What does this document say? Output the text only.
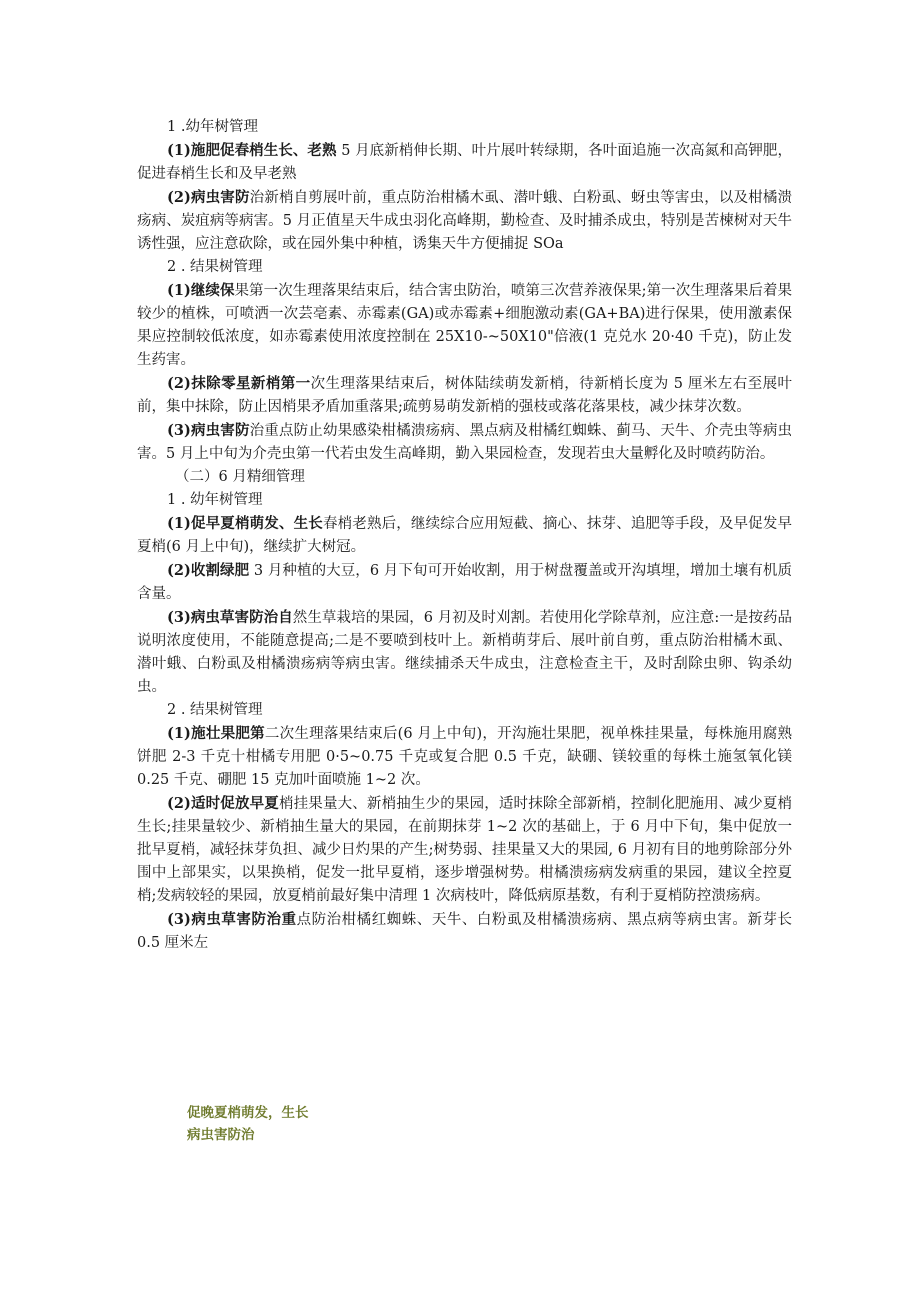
1 .幼年树管理

(1)施肥促春梢生长、老熟 5 月底新梢伸长期、叶片展叶转绿期，各叶面追施一次高氮和高钾肥，促进春梢生长和及早老熟

(2)病虫害防治新梢自剪展叶前，重点防治柑橘木虱、潜叶蛾、白粉虱、蚜虫等害虫，以及柑橘溃疡病、炭疽病等病害。5 月正值星天牛成虫羽化高峰期，勤检查、及时捕杀成虫，特别是苦楝树对天牛诱性强，应注意砍除，或在园外集中种植，诱集天牛方便捕捉 SOa

2 . 结果树管理

(1)继续保果第一次生理落果结束后，结合害虫防治，喷第三次营养液保果;第一次生理落果后着果较少的植株，可喷洒一次芸亳素、赤霉素(GA)或赤霉素+细胞激动素(GA+BA)进行保果，使用激素保果应控制较低浓度，如赤霉素使用浓度控制在 25X10-~50X10"倍液(1 克兑水 20·40 千克)，防止发生药害。

(2)抹除零星新梢第一次生理落果结束后，树体陆续萌发新梢，待新梢长度为 5 厘米左右至展叶前，集中抹除，防止因梢果矛盾加重落果;疏剪易萌发新梢的强枝或落花落果枝，减少抹芽次数。

(3)病虫害防治重点防止幼果感染柑橘溃疡病、黑点病及柑橘红蜘蛛、蓟马、天牛、介壳虫等病虫害。5 月上中旬为介壳虫第一代若虫发生高峰期，勤入果园检查，发现若虫大量孵化及时喷药防治。

（二）6 月精细管理

1 . 幼年树管理

(1)促早夏梢萌发、生长春梢老熟后，继续综合应用短截、摘心、抹芽、追肥等手段，及早促发早夏梢(6 月上中旬)，继续扩大树冠。

(2)收割绿肥 3 月种植的大豆，6 月下旬可开始收割，用于树盘覆盖或开沟填埋，增加土壤有机质含量。

(3)病虫草害防治自然生草栽培的果园，6 月初及时刈割。若使用化学除草剂，应注意:一是按药品说明浓度使用，不能随意提高;二是不要喷到枝叶上。新梢萌芽后、展叶前自剪，重点防治柑橘木虱、潜叶蛾、白粉虱及柑橘溃疡病等病虫害。继续捕杀天牛成虫，注意检查主干，及时刮除虫卵、钩杀幼虫。

2 . 结果树管理

(1)施壮果肥第二次生理落果结束后(6 月上中旬)，开沟施壮果肥，视单株挂果量，每株施用腐熟饼肥 2-3 千克十柑橘专用肥 0·5~0.75 千克或复合肥 0.5 千克，缺硼、镁较重的每株土施氢氧化镁 0.25 千克、硼肥 15 克加叶面喷施 1~2 次。

(2)适时促放早夏梢挂果量大、新梢抽生少的果园，适时抹除全部新梢，控制化肥施用、减少夏梢生长;挂果量较少、新梢抽生量大的果园，在前期抹芽 1~2 次的基础上，于 6 月中下旬，集中促放一批早夏梢，减轻抹芽负担、减少日灼果的产生;树势弱、挂果量又大的果园, 6 月初有目的地剪除部分外围中上部果实，以果换梢，促发一批早夏梢，逐步增强树势。柑橘溃疡病发病重的果园，建议全控夏梢;发病较轻的果园，放夏梢前最好集中清理 1 次病枝叶，降低病原基数，有利于夏梢防控溃疡病。

(3)病虫草害防治重点防治柑橘红蜘蛛、天牛、白粉虱及柑橘溃疡病、黑点病等病虫害。新芽长 0.5 厘米左

促晚夏梢萌发，生长
病虫害防治
